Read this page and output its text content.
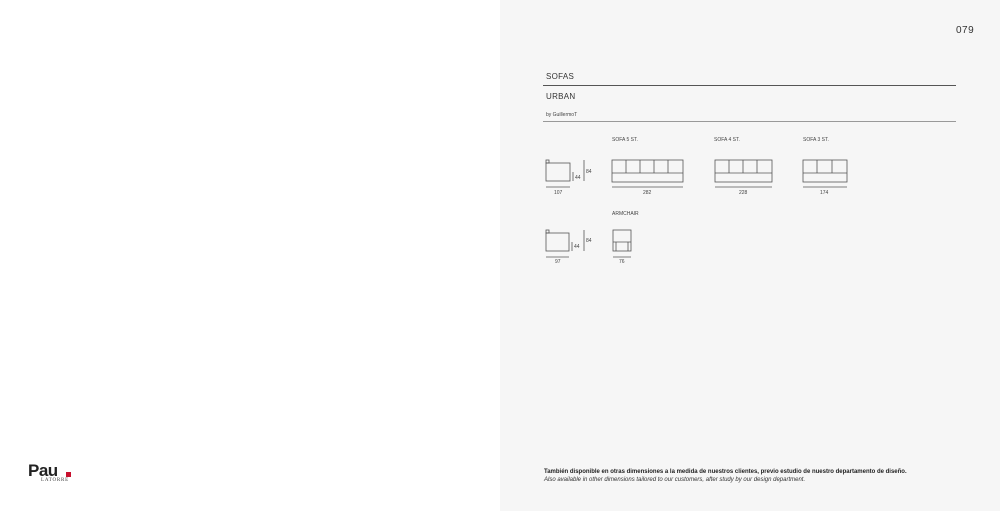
Pau
LATORRE
079
SOFAS
URBAN
by GuillermoT
SOFA 5 ST.	SOFA 4 ST.	SOFA 3 ST.
84
44
107	282	228	174
ARMCHAIR
84
44
97	76
También disponible en otras dimensiones a la medida de nuestros clientes, previo estudio de nuestro departamento de diseño.
Also available in other dimensions tailored to our customers, after study by our design department.
